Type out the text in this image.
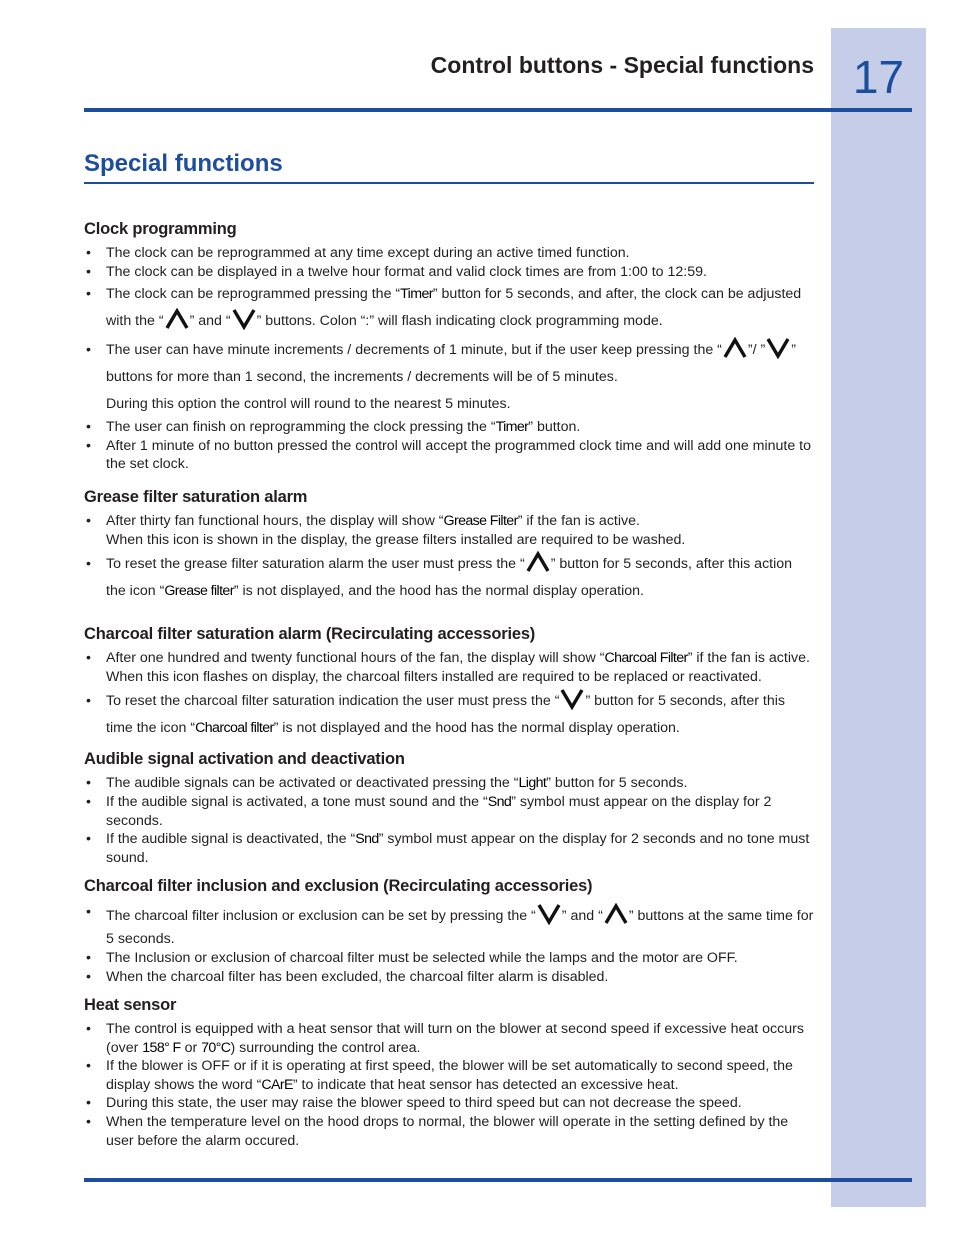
17
Control buttons - Special functions
Special functions

Clock programming

• The clock can be reprogrammed at any time except during an active timed function.
• The clock can be displayed in a twelve hour format and valid clock times are from 1:00 to 12:59.
• The clock can be reprogrammed pressing the “Timer” button for 5 seconds, and after, the clock can be adjusted with the “ ” and “ ” buttons. Colon “:” will flash indicating clock programming mode.
• The user can have minute increments / decrements of 1 minute, but if the user keep pressing the “ ”/ ” ” buttons for more than 1 second, the increments / decrements will be of 5 minutes.
During this option the control will round to the nearest 5 minutes.
• The user can finish on reprogramming the clock pressing the “Timer” button.
• After 1 minute of no button pressed the control will accept the programmed clock time and will add one minute to the set clock.

Grease filter saturation alarm

• After thirty fan functional hours, the display will show “Grease Filter” if the fan is active.
When this icon is shown in the display, the grease filters installed are required to be washed.
• To reset the grease filter saturation alarm the user must press the “ ” button for 5 seconds, after this action the icon “Grease filter” is not displayed, and the hood has the normal display operation.

Charcoal filter saturation alarm (Recirculating accessories)

• After one hundred and twenty functional hours of the fan, the display will show “Charcoal Filter” if the fan is active. When this icon flashes on display, the charcoal filters installed are required to be replaced or reactivated.
• To reset the charcoal filter saturation indication the user must press the “ ” button for 5 seconds, after this time the icon “Charcoal filter” is not displayed and the hood has the normal display operation.

Audible signal activation and deactivation

• The audible signals can be activated or deactivated pressing the “Light” button for 5 seconds.
• If the audible signal is activated, a tone must sound and the “Snd” symbol must appear on the display for 2 seconds.
• If the audible signal is deactivated, the “Snd” symbol must appear on the display for 2 seconds and no tone must sound.

Charcoal filter inclusion and exclusion (Recirculating accessories)

• The charcoal filter inclusion or exclusion can be set by pressing the “ ” and “ ” buttons at the same time for 5 seconds.
• The Inclusion or exclusion of charcoal filter must be selected while the lamps and the motor are OFF.
• When the charcoal filter has been excluded, the charcoal filter alarm is disabled.

Heat sensor

• The control is equipped with a heat sensor that will turn on the blower at second speed if excessive heat occurs (over 158° F or 70°C) surrounding the control area.
• If the blower is OFF or if it is operating at first speed, the blower will be set automatically to second speed, the display shows the word “CArE” to indicate that heat sensor has detected an excessive heat.
• During this state, the user may raise the blower speed to third speed but can not decrease the speed.
• When the temperature level on the hood drops to normal, the blower will operate in the setting defined by the user before the alarm occured.
